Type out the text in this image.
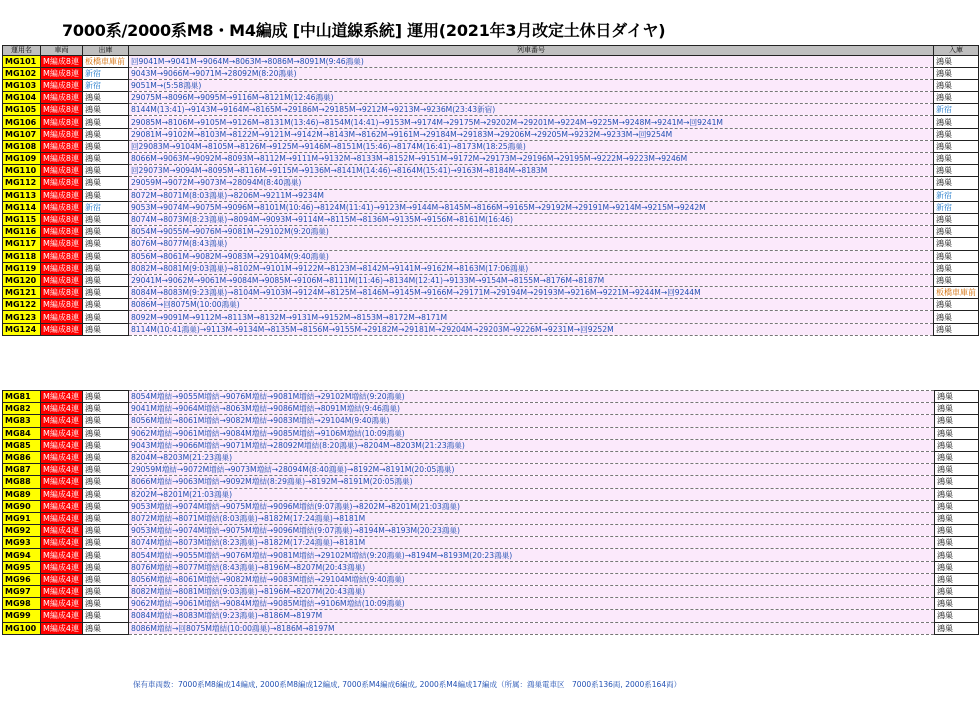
7000系/2000系M8・M4編成 [中山道線系統] 運用(2021年3月改定土休日ダイヤ)
運用名	車両	出庫	列車番号	入庫
MG101	M編成8連	板橋車庫前	回9041M→9041M→9064M→8063M→8086M→8091M(9:46鴻巣)	鴻巣
MG102	M編成8連	新宿	9043M→9066M→9071M→28092M(8:20鴻巣)	鴻巣
MG103	M編成8連	新宿	9051M→(5:58鴻巣)	鴻巣
MG104	M編成8連	鴻巣	29075M→8096M→9095M→9116M→8121M(12:46鴻巣)	鴻巣
MG105	M編成8連	鴻巣	8144M(13:41)→9143M→9164M→8165M→29186M→29185M→9212M→9213M→9236M(23:43新宿)	新宿
MG106	M編成8連	鴻巣	29085M→8106M→9105M→9126M→8131M(13:46)→8154M(14:41)→9153M→9174M→29175M→29202M→29201M→9224M→9225M→9248M→9241M→回9241M	鴻巣
MG107	M編成8連	鴻巣	29081M→9102M→8103M→8122M→9121M→9142M→8143M→8162M→9161M→29184M→29183M→29206M→29205M→9232M→9233M→回9254M	鴻巣
MG108	M編成8連	鴻巣	回29083M→9104M→8105M→8126M→9125M→9146M→8151M(15:46)→8174M(16:41)→8173M(18:25鴻巣)	鴻巣
MG109	M編成8連	鴻巣	8066M→9063M→9092M→8093M→8112M→9111M→9132M→8133M→8152M→9151M→9172M→29173M→29196M→29195M→9222M→9223M→9246M	鴻巣
MG110	M編成8連	鴻巣	回29073M→9094M→8095M→8116M→9115M→9136M→8141M(14:46)→8164M(15:41)→9163M→8184M→8183M	鴻巣
MG112	M編成8連	鴻巣	29059M→9072M→9073M→28094M(8:40鴻巣)	鴻巣
MG113	M編成8連	鴻巣	8072M→8071M(8:03鴻巣)→8206M→9211M→9234M	新宿
MG114	M編成8連	新宿	9053M→9074M→9075M→9096M→8101M(10:46)→8124M(11:41)→9123M→9144M→8145M→8166M→9165M→29192M→29191M→9214M→9215M→9242M	新宿
MG115	M編成8連	鴻巣	8074M→8073M(8:23鴻巣)→8094M→9093M→9114M→8115M→8136M→9135M→9156M→8161M(16:46)	鴻巣
MG116	M編成8連	鴻巣	8054M→9055M→9076M→9081M→29102M(9:20鴻巣)	鴻巣
MG117	M編成8連	鴻巣	8076M→8077M(8:43鴻巣)	鴻巣
MG118	M編成8連	鴻巣	8056M→8061M→9082M→9083M→29104M(9:40鴻巣)	鴻巣
MG119	M編成8連	鴻巣	8082M→8081M(9:03鴻巣)→8102M→9101M→9122M→8123M→8142M→9141M→9162M→8163M(17:06鴻巣)	鴻巣
MG120	M編成8連	鴻巣	29041M→9062M→9061M→9084M→9085M→9106M→8111M(11:46)→8134M(12:41)→9133M→9154M→8155M→8176M→8187M	鴻巣
MG121	M編成8連	鴻巣	8084M→8083M(9:23鴻巣)→8104M→9103M→9124M→8125M→8146M→9145M→9166M→29171M→29194M→29193M→9216M→9221M→9244M→回9244M	板橋車庫前
MG122	M編成8連	鴻巣	8086M→回8075M(10:00鴻巣)	鴻巣
MG123	M編成8連	鴻巣	8092M→9091M→9112M→8113M→8132M→9131M→9152M→8153M→8172M→8171M	鴻巣
MG124	M編成8連	鴻巣	8114M(10:41鴻巣)→9113M→9134M→8135M→8156M→9155M→29182M→29181M→29204M→29203M→9226M→9231M→回9252M	鴻巣
MG81	M編成4連	鴻巣	8054M増結→9055M増結→9076M増結→9081M増結→29102M増結(9:20鴻巣)	鴻巣
MG82	M編成4連	鴻巣	9041M増結→9064M増結→8063M増結→9086M増結→8091M増結(9:46鴻巣)	鴻巣
MG83	M編成4連	鴻巣	8056M増結→8061M増結→9082M増結→9083M増結→29104M(9:40鴻巣)	鴻巣
MG84	M編成4連	鴻巣	9062M増結→9061M増結→9084M増結→9085M増結→9106M増結(10:09鴻巣)	鴻巣
MG85	M編成4連	鴻巣	9043M増結→9066M増結→9071M増結→28092M増結(8:20鴻巣)→8204M→8203M(21:23鴻巣)	鴻巣
MG86	M編成4連	鴻巣	8204M→8203M(21:23鴻巣)	鴻巣
MG87	M編成4連	鴻巣	29059M増結→9072M増結→9073M増結→28094M(8:40鴻巣)→8192M→8191M(20:05鴻巣)	鴻巣
MG88	M編成4連	鴻巣	8066M増結→9063M増結→9092M増結(8:29鴻巣)→8192M→8191M(20:05鴻巣)	鴻巣
MG89	M編成4連	鴻巣	8202M→8201M(21:03鴻巣)	鴻巣
MG90	M編成4連	鴻巣	9053M増結→9074M増結→9075M増結→9096M増結(9:07鴻巣)→8202M→8201M(21:03鴻巣)	鴻巣
MG91	M編成4連	鴻巣	8072M増結→8071M増結(8:03鴻巣)→8182M(17:24鴻巣)→8181M	鴻巣
MG92	M編成4連	鴻巣	9053M増結→9074M増結→9075M増結→9096M増結(9:07鴻巣)→8194M→8193M(20:23鴻巣)	鴻巣
MG93	M編成4連	鴻巣	8074M増結→8073M増結(8:23鴻巣)→8182M(17:24鴻巣)→8181M	鴻巣
MG94	M編成4連	鴻巣	8054M増結→9055M増結→9076M増結→9081M増結→29102M増結(9:20鴻巣)→8194M→8193M(20:23鴻巣)	鴻巣
MG95	M編成4連	鴻巣	8076M増結→8077M増結(8:43鴻巣)→8196M→8207M(20:43鴻巣)	鴻巣
MG96	M編成4連	鴻巣	8056M増結→8061M増結→9082M増結→9083M増結→29104M増結(9:40鴻巣)	鴻巣
MG97	M編成4連	鴻巣	8082M増結→8081M増結(9:03鴻巣)→8196M→8207M(20:43鴻巣)	鴻巣
MG98	M編成4連	鴻巣	9062M増結→9061M増結→9084M増結→9085M増結→9106M増結(10:09鴻巣)	鴻巣
MG99	M編成4連	鴻巣	8084M増結→8083M増結(9:23鴻巣)→8186M→8197M	鴻巣
MG100	M編成4連	鴻巣	8086M増結→回8075M増結(10:00鴻巣)→8186M→8197M	鴻巣
保有車両数：7000系M8編成14編成, 2000系M8編成12編成, 7000系M4編成6編成, 2000系M4編成17編成（所属：鴻巣電車区　7000系136両, 2000系164両）
